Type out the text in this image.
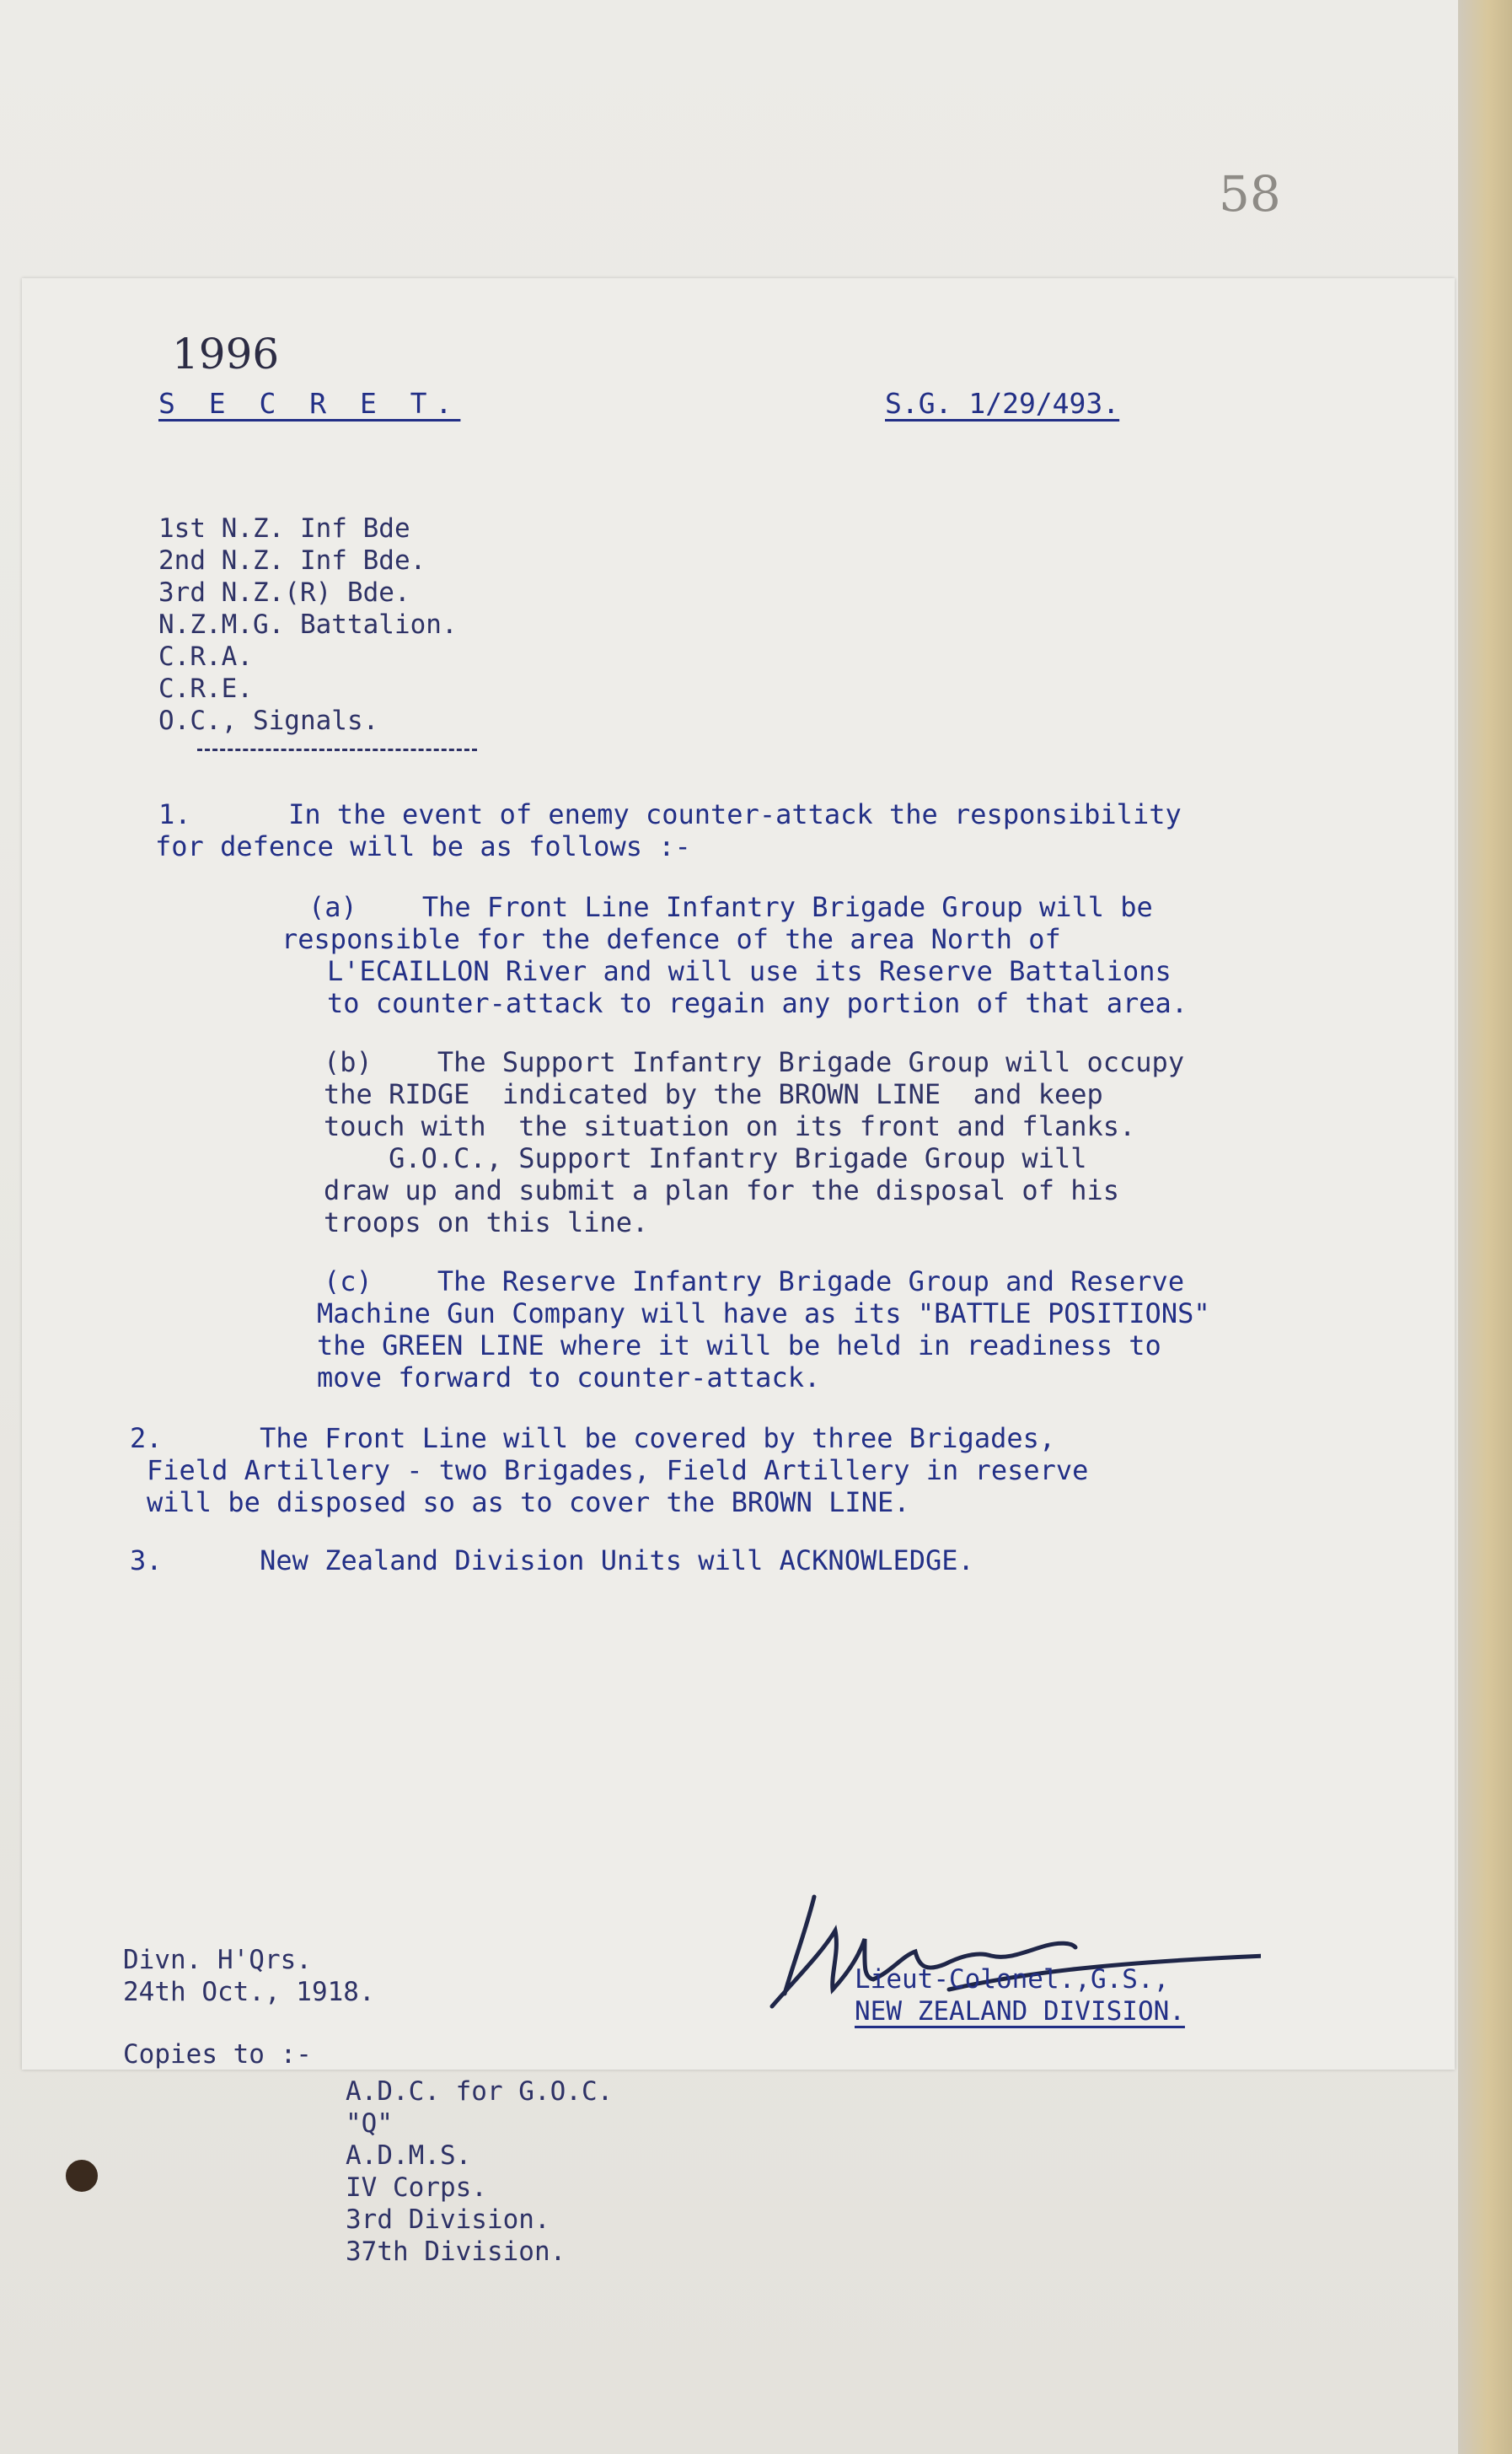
58
1996
S E C R E T.	S.G. 1/29/493.
1st N.Z. Inf Bde
2nd N.Z. Inf Bde.
3rd N.Z.(R) Bde.
N.Z.M.G. Battalion.
C.R.A.
C.R.E.
O.C., Signals.
1.      In the event of enemy counter-attack the responsibility
for defence will be as follows :-
(a)    The Front Line Infantry Brigade Group will be
responsible for the defence of the area North of
L'ECAILLON River and will use its Reserve Battalions
to counter-attack to regain any portion of that area.
(b)    The Support Infantry Brigade Group will occupy
the RIDGE  indicated by the BROWN LINE  and keep
touch with  the situation on its front and flanks.
G.O.C., Support Infantry Brigade Group will
draw up and submit a plan for the disposal of his
troops on this line.
(c)    The Reserve Infantry Brigade Group and Reserve
Machine Gun Company will have as its "BATTLE POSITIONS"
the GREEN LINE where it will be held in readiness to
move forward to counter-attack.
2.      The Front Line will be covered by three Brigades,
Field Artillery - two Brigades, Field Artillery in reserve
will be disposed so as to cover the BROWN LINE.
3.      New Zealand Division Units will ACKNOWLEDGE.
Lieut-Colonel.,G.S.,
NEW ZEALAND DIVISION.
Divn. H'Qrs.
24th Oct., 1918.
Copies to :-
A.D.C. for G.O.C.
"Q"
A.D.M.S.
IV Corps.
3rd Division.
37th Division.
